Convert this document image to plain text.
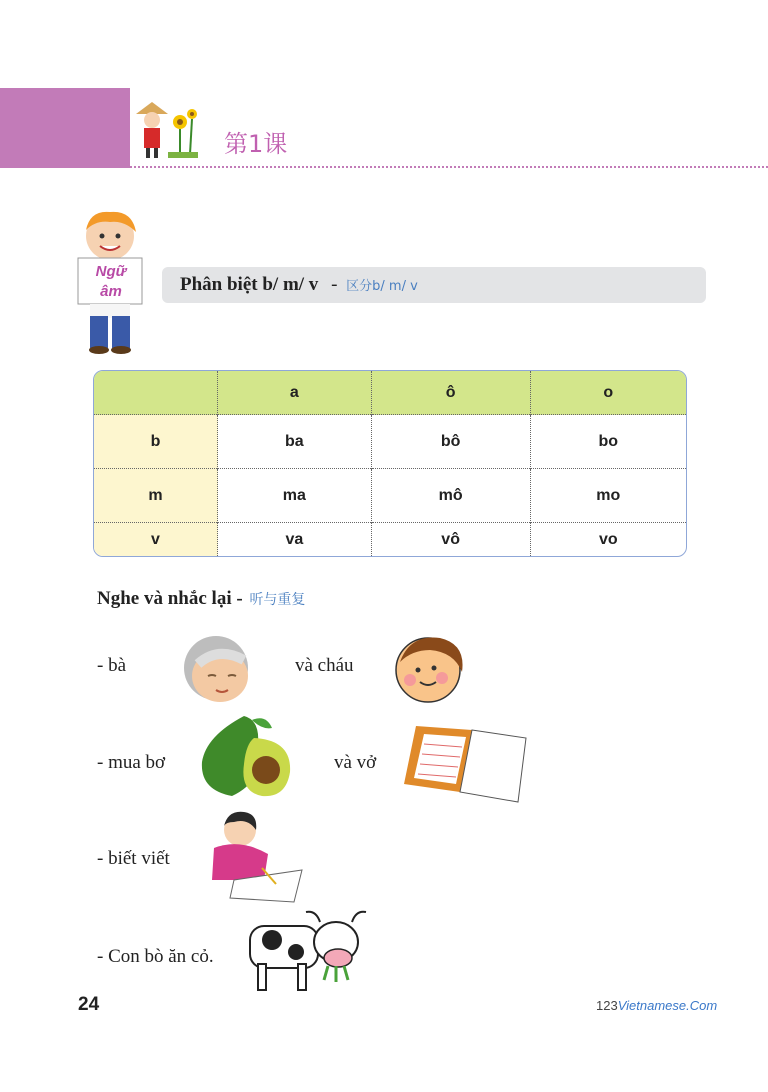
第1课
Ngữ
âm	Phân biệt b/ m/ v - 区分b/ m/ v
	a	ô	o
b	ba	bô	bo
m	ma	mô	mo
v	va	vô	vo
Nghe và nhắc lại - 听与重复
- bà	và cháu
- mua bơ	và vở
- biết viết
- Con bò ăn cỏ.
24	123Vietnamese.Com
